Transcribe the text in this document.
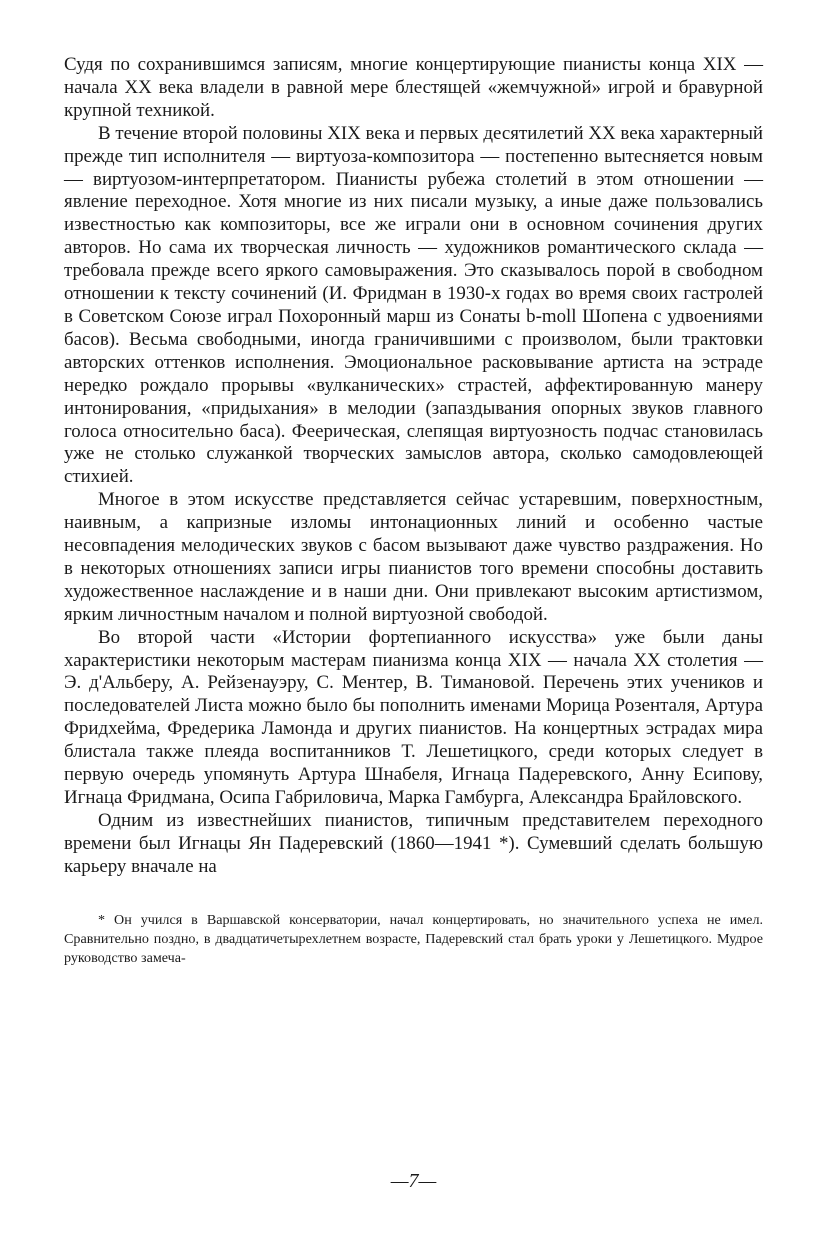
Судя по сохранившимся записям, многие концертирующие пианисты конца XIX — начала XX века владели в равной мере блестящей «жемчужной» игрой и бравурной крупной техникой.

В течение второй половины XIX века и первых десятилетий XX века характерный прежде тип исполнителя — виртуоза-композитора — постепенно вытесняется новым — виртуозом-интерпретатором. Пианисты рубежа столетий в этом отношении — явление переходное. Хотя многие из них писали музыку, а иные даже пользовались известностью как композиторы, все же играли они в основном сочинения других авторов. Но сама их творческая личность — художников романтического склада — требовала прежде всего яркого самовыражения. Это сказывалось порой в свободном отношении к тексту сочинений (И. Фридман в 1930-х годах во время своих гастролей в Советском Союзе играл Похоронный марш из Сонаты b-moll Шопена с удвоениями басов). Весьма свободными, иногда граничившими с произволом, были трактовки авторских оттенков исполнения. Эмоциональное расковывание артиста на эстраде нередко рождало прорывы «вулканических» страстей, аффектированную манеру интонирования, «придыхания» в мелодии (запаздывания опорных звуков главного голоса относительно баса). Феерическая, слепящая виртуозность подчас становилась уже не столько служанкой творческих замыслов автора, сколько самодовлеющей стихией.

Многое в этом искусстве представляется сейчас устаревшим, поверхностным, наивным, а капризные изломы интонационных линий и особенно частые несовпадения мелодических звуков с басом вызывают даже чувство раздражения. Но в некоторых отношениях записи игры пианистов того времени способны доставить художественное наслаждение и в наши дни. Они привлекают высоким артистизмом, ярким личностным началом и полной виртуозной свободой.

Во второй части «Истории фортепианного искусства» уже были даны характеристики некоторым мастерам пианизма конца XIX — начала XX столетия — Э. д'Альберу, А. Рейзенауэру, С. Ментер, В. Тимановой. Перечень этих учеников и последователей Листа можно было бы пополнить именами Морица Розенталя, Артура Фридхейма, Фредерика Ламонда и других пианистов. На концертных эстрадах мира блистала также плеяда воспитанников Т. Лешетицкого, среди которых следует в первую очередь упомянуть Артура Шнабеля, Игнаца Падеревского, Анну Есипову, Игнаца Фридмана, Осипа Габриловича, Марка Гамбурга, Александра Брайловского.

Одним из известнейших пианистов, типичным представителем переходного времени был Игнацы Ян Падеревский (1860—1941 *). Сумевший сделать большую карьеру вначале на

* Он учился в Варшавской консерватории, начал концертировать, но значительного успеха не имел. Сравнительно поздно, в двадцатичетырехлетнем возрасте, Падеревский стал брать уроки у Лешетицкого. Мудрое руководство замеча-
—7—
